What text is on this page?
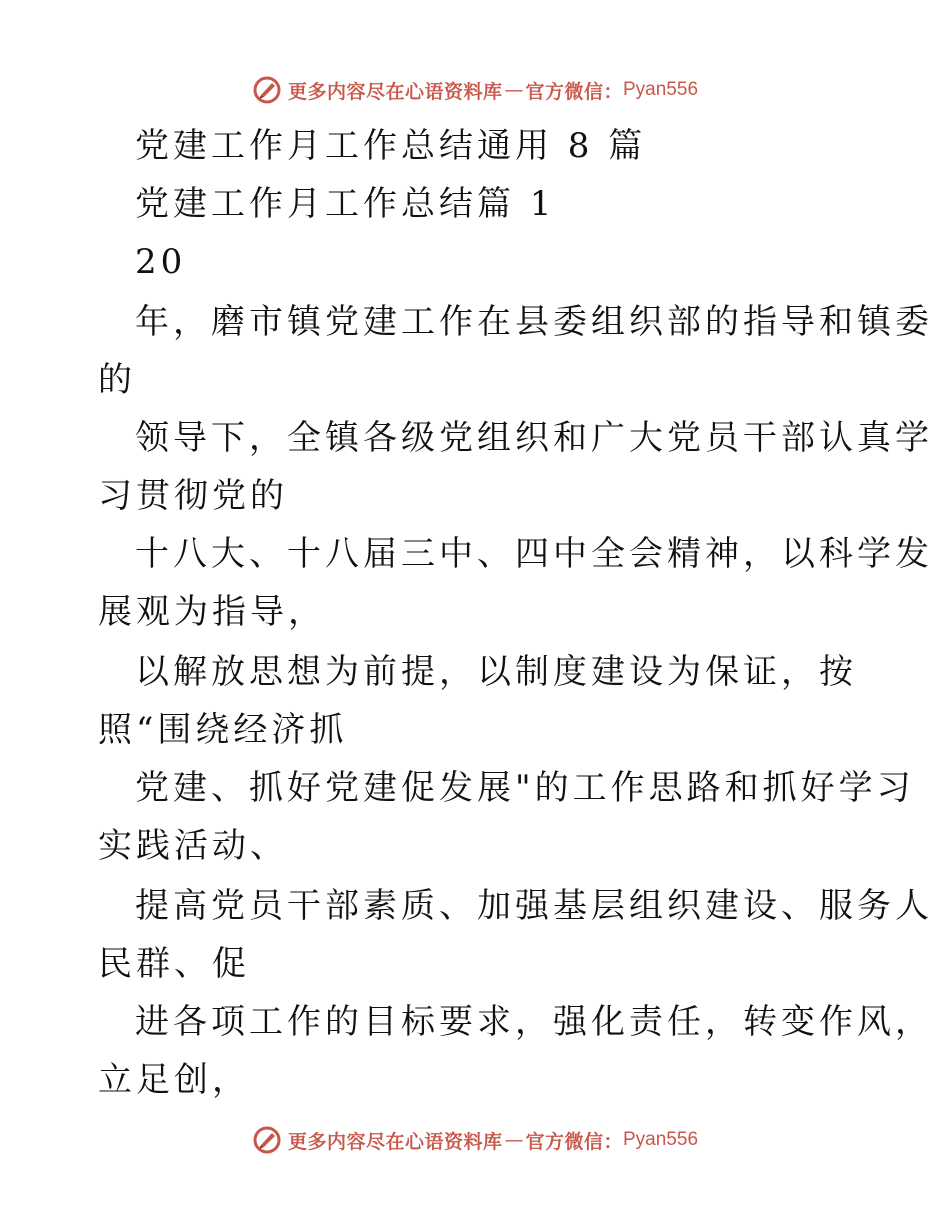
更多内容尽在心语资料库 — 官方微信： Pyan556
党建工作月工作总结通用 8 篇
党建工作月工作总结篇 1
20
年，磨市镇党建工作在县委组织部的指导和镇委
的
领导下，全镇各级党组织和广大党员干部认真学
习贯彻党的
十八大、十八届三中、四中全会精神，以科学发
展观为指导，
以解放思想为前提，以制度建设为保证，按
照“围绕经济抓
党建、抓好党建促发展"的工作思路和抓好学习
实践活动、
提高党员干部素质、加强基层组织建设、服务人
民群、促
进各项工作的目标要求，强化责任，转变作风，
立足创，
更多内容尽在心语资料库 — 官方微信： Pyan556
